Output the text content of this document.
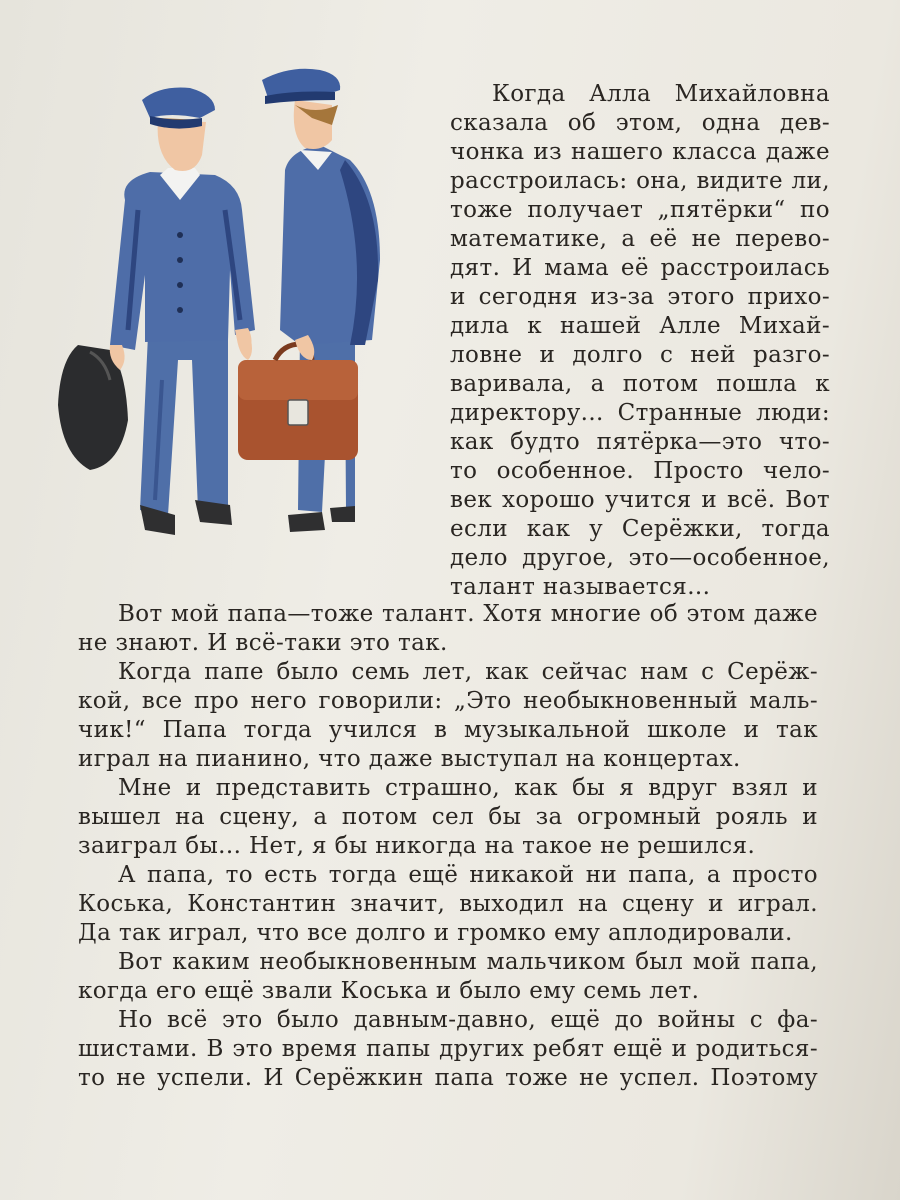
Когда Алла Михайловна
сказала об этом, одна дев-
чонка из нашего класса даже
расстроилась: она, видите ли,
тоже получает „пятёрки“ по
математике, а её не перево-
дят. И мама её расстроилась
и сегодня из-за этого прихо-
дила к нашей Алле Михай-
ловне и долго с ней разго-
варивала, а потом пошла к
директору... Странные люди:
как будто пятёрка—это что-
то особенное. Просто чело-
век хорошо учится и всё. Вот
если как у Серёжки, тогда
дело другое, это—особенное,
талант называется...
Вот мой папа—тоже талант. Хотя многие об этом даже
не знают. И всё-таки это так.
Когда папе было семь лет, как сейчас нам с Серёж-
кой, все про него говорили: „Это необыкновенный маль-
чик!“ Папа тогда учился в музыкальной школе и так
играл на пианино, что даже выступал на концертах.
Мне и представить страшно, как бы я вдруг взял и
вышел на сцену, а потом сел бы за огромный рояль и
заиграл бы... Нет, я бы никогда на такое не решился.
А папа, то есть тогда ещё никакой ни папа, а просто
Коська, Константин значит, выходил на сцену и играл.
Да так играл, что все долго и громко ему аплодировали.
Вот каким необыкновенным мальчиком был мой папа,
когда его ещё звали Коська и было ему семь лет.
Но всё это было давным-давно, ещё до войны с фа-
шистами. В это время папы других ребят ещё и родиться-
то не успели. И Серёжкин папа тоже не успел. Поэтому
